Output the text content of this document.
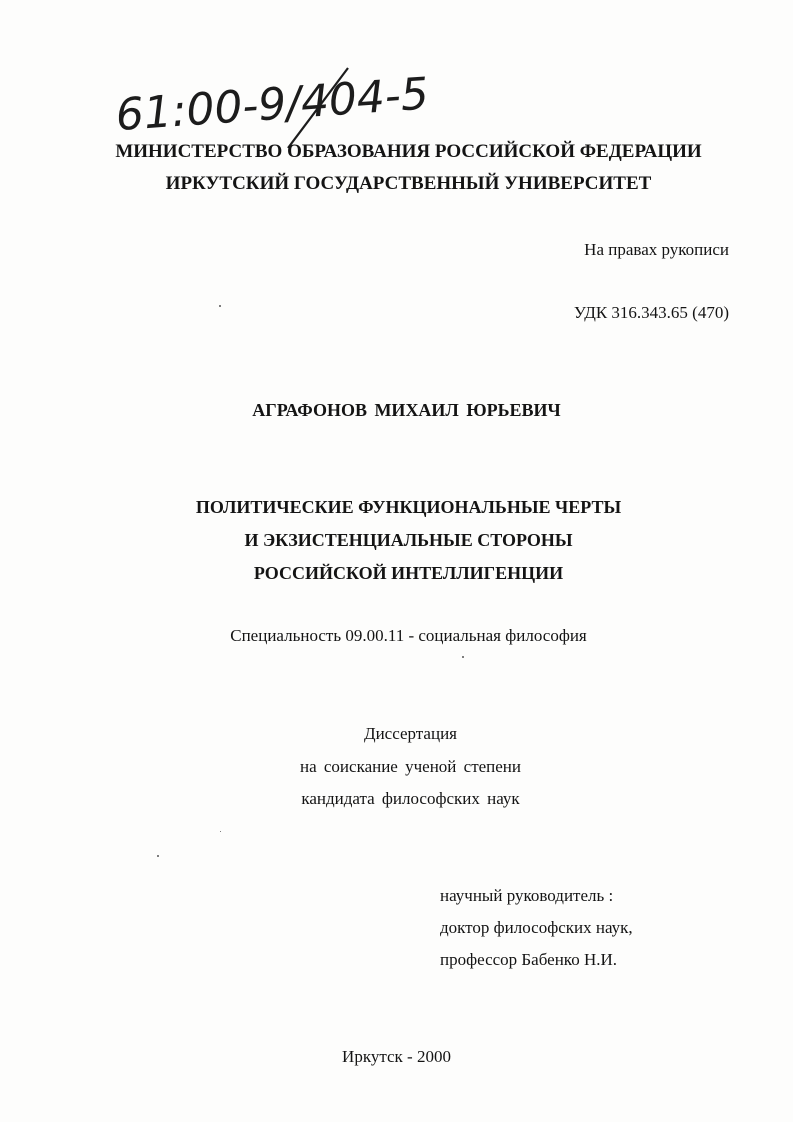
61:00-9/404-5
МИНИСТЕРСТВО ОБРАЗОВАНИЯ РОССИЙСКОЙ ФЕДЕРАЦИИ
ИРКУТСКИЙ ГОСУДАРСТВЕННЫЙ УНИВЕРСИТЕТ
На правах рукописи
УДК 316.343.65 (470)
АГРАФОНОВ МИХАИЛ ЮРЬЕВИЧ
ПОЛИТИЧЕСКИЕ ФУНКЦИОНАЛЬНЫЕ ЧЕРТЫ
И ЭКЗИСТЕНЦИАЛЬНЫЕ СТОРОНЫ
РОССИЙСКОЙ ИНТЕЛЛИГЕНЦИИ
Специальность 09.00.11 - социальная философия
Диссертация
на соискание ученой степени
кандидата философских наук
научный руководитель :
доктор философских наук,
профессор Бабенко Н.И.
Иркутск - 2000
